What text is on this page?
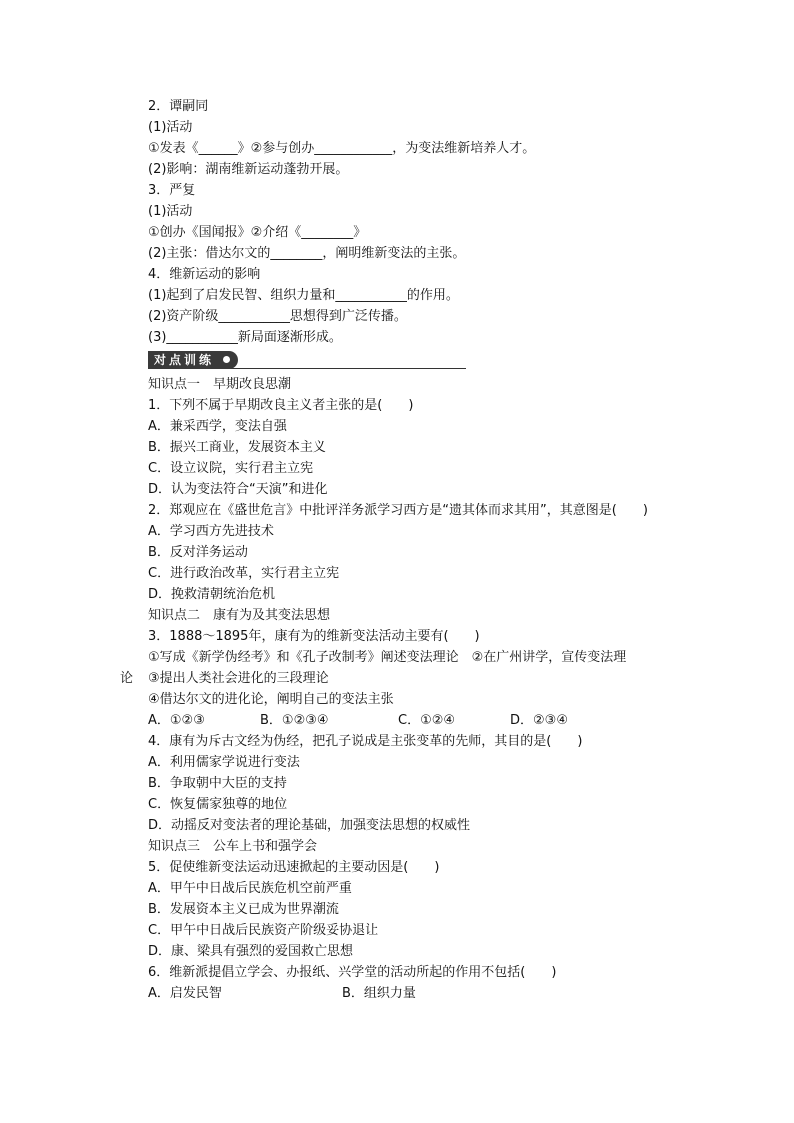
2．谭嗣同
(1)活动
①发表《______》②参与创办____________，为变法维新培养人才。
(2)影响：湖南维新运动蓬勃开展。
3．严复
(1)活动
①创办《国闻报》②介绍《________》
(2)主张：借达尔文的________，阐明维新变法的主张。
4．维新运动的影响
(1)起到了启发民智、组织力量和___________的作用。
(2)资产阶级___________思想得到广泛传播。
(3)___________新局面逐渐形成。
对点训练
知识点一　早期改良思潮
1．下列不属于早期改良主义者主张的是(　　)
A．兼采西学，变法自强
B．振兴工商业，发展资本主义
C．设立议院，实行君主立宪
D．认为变法符合“天演”和进化
2．郑观应在《盛世危言》中批评洋务派学习西方是“遗其体而求其用”，其意图是(　　)
A．学习西方先进技术
B．反对洋务运动
C．进行政治改革，实行君主立宪
D．挽救清朝统治危机
知识点二　康有为及其变法思想
3．1888～1895年，康有为的维新变法活动主要有(　　)
①写成《新学伪经考》和《孔子改制考》阐述变法理论　②在广州讲学，宣传变法理
论 ③提出人类社会进化的三段理论
④借达尔文的进化论，阐明自己的变法主张
A．①②③	B．①②③④	C．①②④	D．②③④
4．康有为斥古文经为伪经，把孔子说成是主张变革的先师，其目的是(　　)
A．利用儒家学说进行变法
B．争取朝中大臣的支持
C．恢复儒家独尊的地位
D．动摇反对变法者的理论基础，加强变法思想的权威性
知识点三　公车上书和强学会
5．促使维新变法运动迅速掀起的主要动因是(　　)
A．甲午中日战后民族危机空前严重
B．发展资本主义已成为世界潮流
C．甲午中日战后民族资产阶级妥协退让
D．康、梁具有强烈的爱国救亡思想
6．维新派提倡立学会、办报纸、兴学堂的活动所起的作用不包括(　　)
A．启发民智	B．组织力量
